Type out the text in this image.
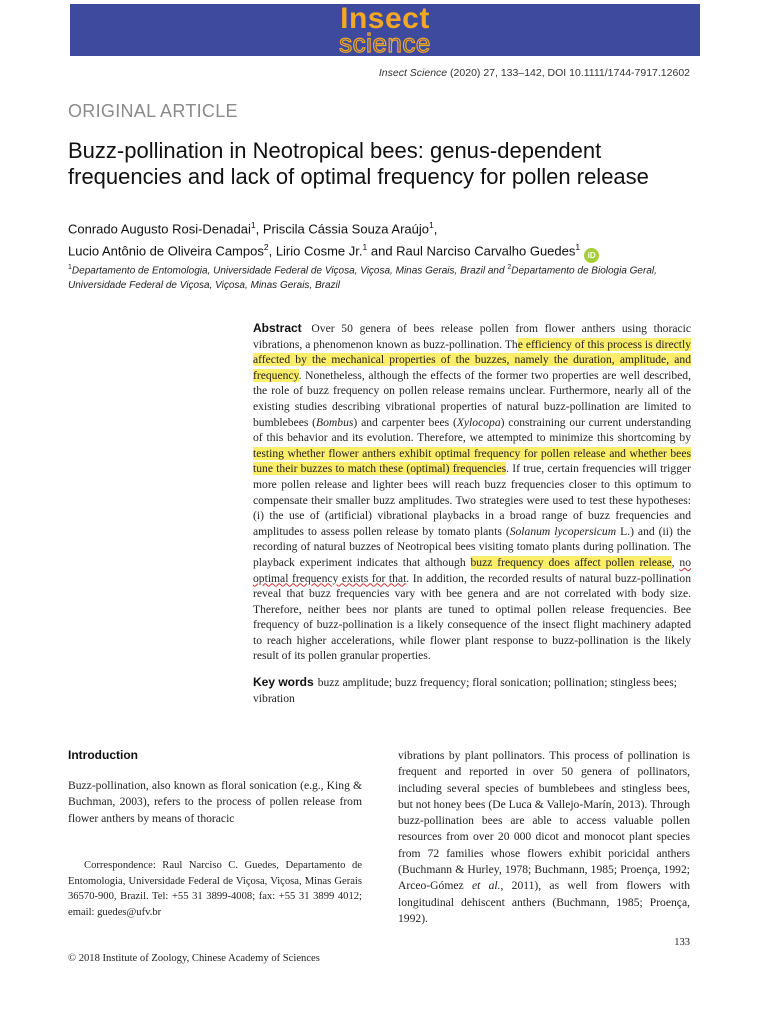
Insect
science
Insect Science (2020) 27, 133–142, DOI 10.1111/1744-7917.12602
ORIGINAL ARTICLE
Buzz-pollination in Neotropical bees: genus-dependent frequencies and lack of optimal frequency for pollen release
Conrado Augusto Rosi-Denadai$^1$, Priscila Cássia Souza Araújo$^1$,
Lucio Antônio de Oliveira Campos$^2$, Lirio Cosme Jr.$^1$ and Raul Narciso Carvalho Guedes$^1$iD
$^1$Departamento de Entomologia, Universidade Federal de Viçosa, Viçosa, Minas Gerais, Brazil and $^2$Departamento de Biologia Geral, Universidade Federal de Viçosa, Viçosa, Minas Gerais, Brazil
Abstract Over 50 genera of bees release pollen from flower anthers using thoracic vibrations, a phenomenon known as buzz-pollination. The efficiency of this process is directly affected by the mechanical properties of the buzzes, namely the duration, amplitude, and frequency. Nonetheless, although the effects of the former two properties are well described, the role of buzz frequency on pollen release remains unclear. Furthermore, nearly all of the existing studies describing vibrational properties of natural buzz-pollination are limited to bumblebees (Bombus) and carpenter bees (Xylocopa) constraining our current understanding of this behavior and its evolution. Therefore, we attempted to minimize this shortcoming by testing whether flower anthers exhibit optimal frequency for pollen release and whether bees tune their buzzes to match these (optimal) frequencies. If true, certain frequencies will trigger more pollen release and lighter bees will reach buzz frequencies closer to this optimum to compensate their smaller buzz amplitudes. Two strategies were used to test these hypotheses: (i) the use of (artificial) vibrational playbacks in a broad range of buzz frequencies and amplitudes to assess pollen release by tomato plants (Solanum lycopersicum L.) and (ii) the recording of natural buzzes of Neotropical bees visiting tomato plants during pollination. The playback experiment indicates that although buzz frequency does affect pollen release, no optimal frequency exists for that. In addition, the recorded results of natural buzz-pollination reveal that buzz frequencies vary with bee genera and are not correlated with body size. Therefore, neither bees nor plants are tuned to optimal pollen release frequencies. Bee frequency of buzz-pollination is a likely consequence of the insect flight machinery adapted to reach higher accelerations, while flower plant response to buzz-pollination is the likely result of its pollen granular properties.
Key words buzz amplitude; buzz frequency; floral sonication; pollination; stingless bees; vibration
Introduction
Buzz-pollination, also known as floral sonication (e.g., King & Buchman, 2003), refers to the process of pollen release from flower anthers by means of thoracic
Correspondence: Raul Narciso C. Guedes, Departamento de Entomologia, Universidade Federal de Viçosa, Viçosa, Minas Gerais 36570-900, Brazil. Tel: +55 31 3899-4008; fax: +55 31 3899 4012; email: guedes@ufv.br
vibrations by plant pollinators. This process of pollination is frequent and reported in over 50 genera of pollinators, including several species of bumblebees and stingless bees, but not honey bees (De Luca & Vallejo-Marín, 2013). Through buzz-pollination bees are able to access valuable pollen resources from over 20 000 dicot and monocot plant species from 72 families whose flowers exhibit poricidal anthers (Buchmann & Hurley, 1978; Buchmann, 1985; Proença, 1992; Arceo-Gómez et al., 2011), as well from flowers with longitudinal dehiscent anthers (Buchmann, 1985; Proença, 1992).
133
© 2018 Institute of Zoology, Chinese Academy of Sciences
